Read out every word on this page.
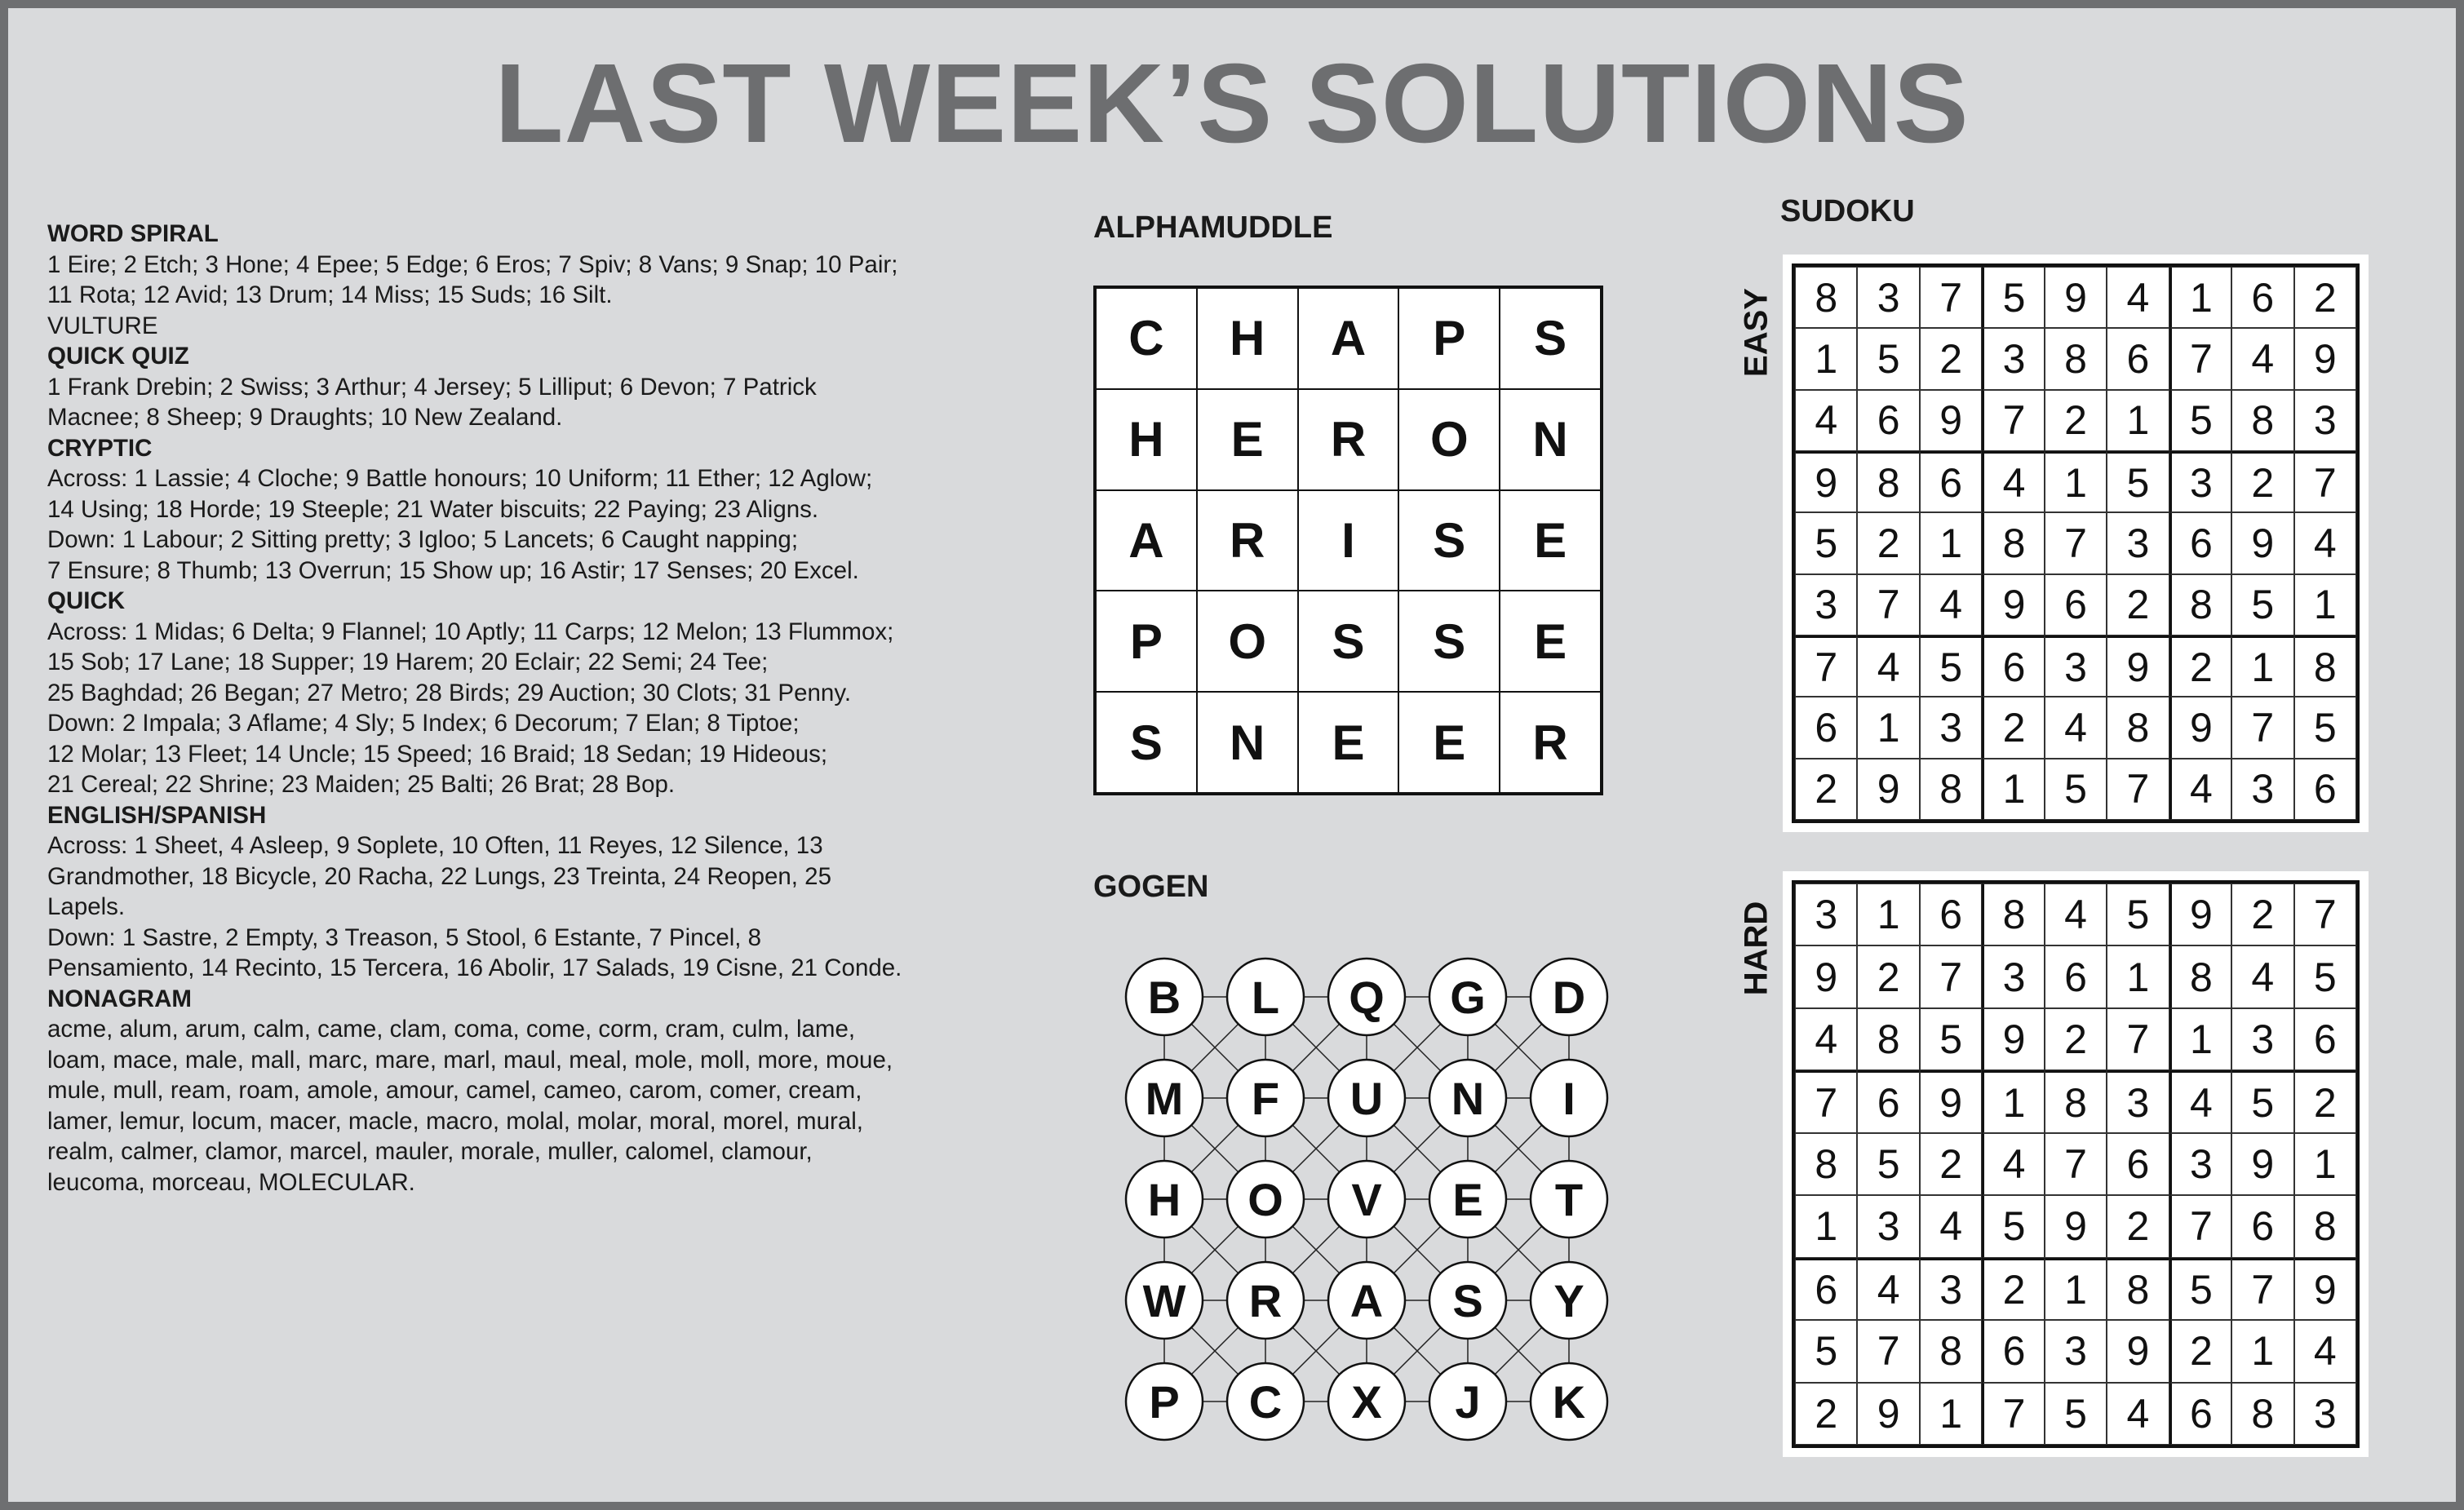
LAST WEEK’S SOLUTIONS
WORD SPIRAL
1 Eire; 2 Etch; 3 Hone; 4 Epee; 5 Edge; 6 Eros; 7 Spiv; 8 Vans; 9 Snap; 10 Pair;
11 Rota; 12 Avid; 13 Drum; 14 Miss; 15 Suds; 16 Silt.
VULTURE
QUICK QUIZ
1 Frank Drebin; 2 Swiss; 3 Arthur; 4 Jersey; 5 Lilliput; 6 Devon; 7 Patrick
Macnee; 8 Sheep; 9 Draughts; 10 New Zealand.
CRYPTIC
Across: 1 Lassie; 4 Cloche; 9 Battle honours; 10 Uniform; 11 Ether; 12 Aglow;
14 Using; 18 Horde; 19 Steeple; 21 Water biscuits; 22 Paying; 23 Aligns.
Down: 1 Labour; 2 Sitting pretty; 3 Igloo; 5 Lancets; 6 Caught napping;
7 Ensure; 8 Thumb; 13 Overrun; 15 Show up; 16 Astir; 17 Senses; 20 Excel.
QUICK
Across: 1 Midas; 6 Delta; 9 Flannel; 10 Aptly; 11 Carps; 12 Melon; 13 Flummox;
15 Sob; 17 Lane; 18 Supper; 19 Harem; 20 Eclair; 22 Semi; 24 Tee;
25 Baghdad; 26 Began; 27 Metro; 28 Birds; 29 Auction; 30 Clots; 31 Penny.
Down: 2 Impala; 3 Aflame; 4 Sly; 5 Index; 6 Decorum; 7 Elan; 8 Tiptoe;
12 Molar; 13 Fleet; 14 Uncle; 15 Speed; 16 Braid; 18 Sedan; 19 Hideous;
21 Cereal; 22 Shrine; 23 Maiden; 25 Balti; 26 Brat; 28 Bop.
ENGLISH/SPANISH
Across: 1 Sheet, 4 Asleep, 9 Soplete, 10 Often, 11 Reyes, 12 Silence, 13
Grandmother, 18 Bicycle, 20 Racha, 22 Lungs, 23 Treinta, 24 Reopen, 25
Lapels.
Down: 1 Sastre, 2 Empty, 3 Treason, 5 Stool, 6 Estante, 7 Pincel, 8
Pensamiento, 14 Recinto, 15 Tercera, 16 Abolir, 17 Salads, 19 Cisne, 21 Conde.
NONAGRAM
acme, alum, arum, calm, came, clam, coma, come, corm, cram, culm, lame,
loam, mace, male, mall, marc, mare, marl, maul, meal, mole, moll, more, moue,
mule, mull, ream, roam, amole, amour, camel, cameo, carom, comer, cream,
lamer, lemur, locum, macer, macle, macro, molal, molar, moral, morel, mural,
realm, calmer, clamor, marcel, mauler, morale, muller, calomel, clamour,
leucoma, morceau, MOLECULAR.
ALPHAMUDDLE
C	H	A	P	S
H	E	R	O	N
A	R	I	S	E
P	O	S	S	E
S	N	E	E	R
GOGEN
B L Q G D
M F U N I
H O V E T
W R A S Y
P C X J K
SUDOKU
EASY 8 3 7 5 9 4 1 6 2
1 5 2 3 8 6 7 4 9
4 6 9 7 2 1 5 8 3
9 8 6 4 1 5 3 2 7
5 2 1 8 7 3 6 9 4
3 7 4 9 6 2 8 5 1
7 4 5 6 3 9 2 1 8
6 1 3 2 4 8 9 7 5
2 9 8 1 5 7 4 3 6
HARD 3 1 6 8 4 5 9 2 7
9 2 7 3 6 1 8 4 5
4 8 5 9 2 7 1 3 6
7 6 9 1 8 3 4 5 2
8 5 2 4 7 6 3 9 1
1 3 4 5 9 2 7 6 8
6 4 3 2 1 8 5 7 9
5 7 8 6 3 9 2 1 4
2 9 1 7 5 4 6 8 3
